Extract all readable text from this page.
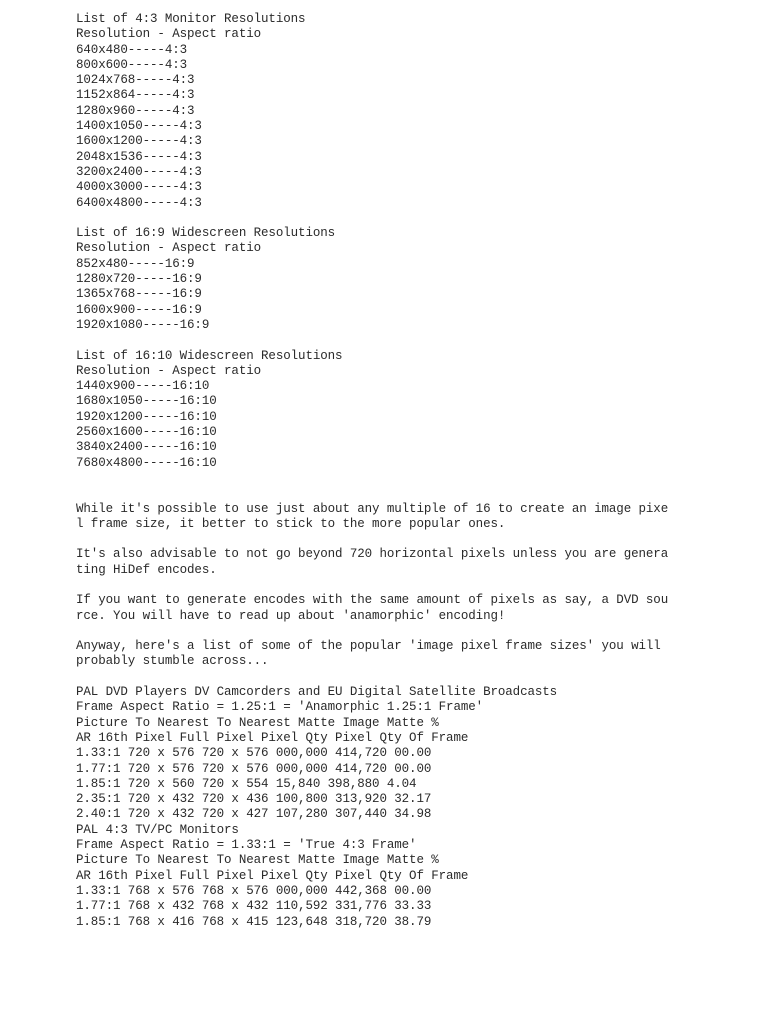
List of 4:3 Monitor Resolutions
Resolution - Aspect ratio
640x480-----4:3
800x600-----4:3
1024x768-----4:3
1152x864-----4:3
1280x960-----4:3
1400x1050-----4:3
1600x1200-----4:3
2048x1536-----4:3
3200x2400-----4:3
4000x3000-----4:3
6400x4800-----4:3
List of 16:9 Widescreen Resolutions
Resolution - Aspect ratio
852x480-----16:9
1280x720-----16:9
1365x768-----16:9
1600x900-----16:9
1920x1080-----16:9
List of 16:10 Widescreen Resolutions
Resolution - Aspect ratio
1440x900-----16:10
1680x1050-----16:10
1920x1200-----16:10
2560x1600-----16:10
3840x2400-----16:10
7680x4800-----16:10
While it's possible to use just about any multiple of 16 to create an image pixe
l frame size, it better to stick to the more popular ones.
It's also advisable to not go beyond 720 horizontal pixels unless you are genera
ting HiDef encodes.
If you want to generate encodes with the same amount of pixels as say, a DVD sou
rce. You will have to read up about 'anamorphic' encoding!
Anyway, here's a list of some of the popular 'image pixel frame sizes' you will
probably stumble across...
PAL DVD Players DV Camcorders and EU Digital Satellite Broadcasts
Frame Aspect Ratio = 1.25:1 = 'Anamorphic 1.25:1 Frame'
Picture To Nearest To Nearest Matte Image Matte %
AR 16th Pixel Full Pixel Pixel Qty Pixel Qty Of Frame
1.33:1 720 x 576 720 x 576 000,000 414,720 00.00
1.77:1 720 x 576 720 x 576 000,000 414,720 00.00
1.85:1 720 x 560 720 x 554 15,840 398,880 4.04
2.35:1 720 x 432 720 x 436 100,800 313,920 32.17
2.40:1 720 x 432 720 x 427 107,280 307,440 34.98
PAL 4:3 TV/PC Monitors
Frame Aspect Ratio = 1.33:1 = 'True 4:3 Frame'
Picture To Nearest To Nearest Matte Image Matte %
AR 16th Pixel Full Pixel Pixel Qty Pixel Qty Of Frame
1.33:1 768 x 576 768 x 576 000,000 442,368 00.00
1.77:1 768 x 432 768 x 432 110,592 331,776 33.33
1.85:1 768 x 416 768 x 415 123,648 318,720 38.79
